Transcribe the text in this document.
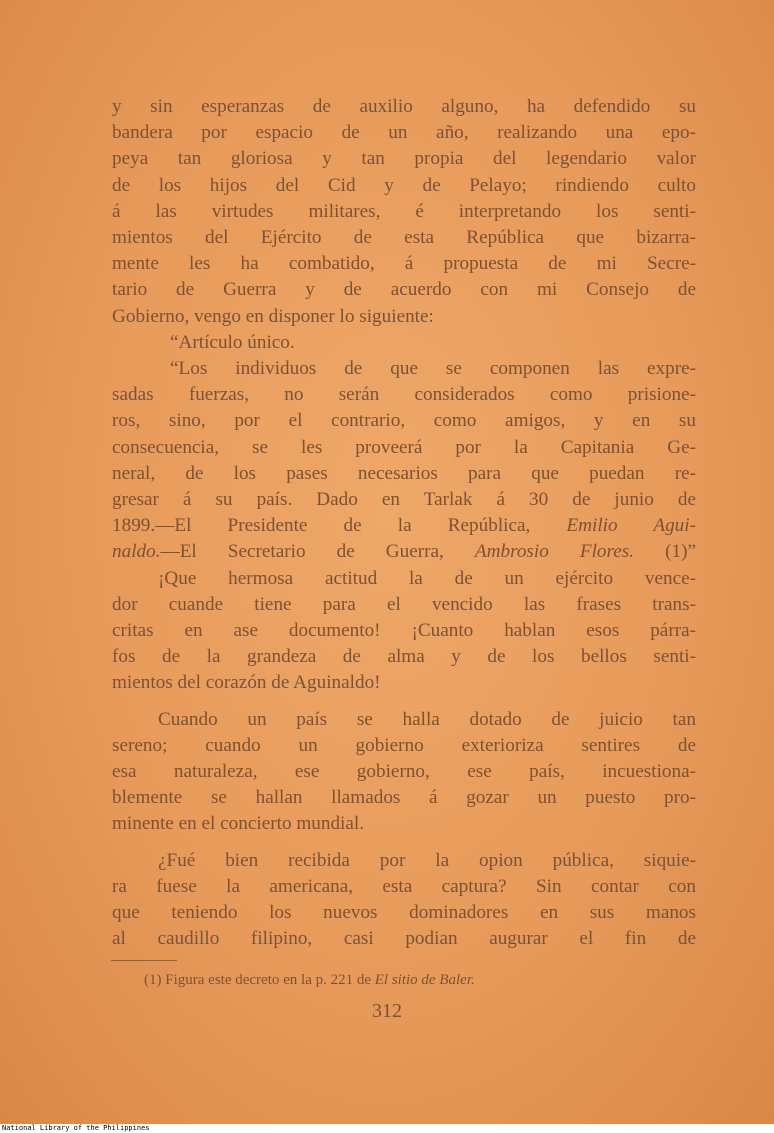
y sin esperanzas de auxilio alguno, ha defendido su
bandera por espacio de un año, realizando una epo-
peya tan gloriosa y tan propia del legendario valor
de los hijos del Cid y de Pelayo; rindiendo culto
á las virtudes militares, é interpretando los senti-
mientos del Ejército de esta República que bizarra-
mente les ha combatido, á propuesta de mi Secre-
tario de Guerra y de acuerdo con mi Consejo de
Gobierno, vengo en disponer lo siguiente:
“Artículo único.
“Los individuos de que se componen las expre-
sadas fuerzas, no serán considerados como prisione-
ros, sino, por el contrario, como amigos, y en su
consecuencia, se les proveerá por la Capitania Ge-
neral, de los pases necesarios para que puedan re-
gresar á su país. Dado en Tarlak á 30 de junio de
1899.—El Presidente de la República, Emilio Agui-
naldo.—El Secretario de Guerra, Ambrosio Flores. (1)”
¡Que hermosa actitud la de un ejército vence-
dor cuande tiene para el vencido las frases trans-
critas en ase documento! ¡Cuanto hablan esos párra-
fos de la grandeza de alma y de los bellos senti-
mientos del corazón de Aguinaldo!
Cuando un país se halla dotado de juicio tan
sereno; cuando un gobierno exterioriza sentires de
esa naturaleza, ese gobierno, ese país, incuestiona-
blemente se hallan llamados á gozar un puesto pro-
minente en el concierto mundial.
¿Fué bien recibida por la opion pública, siquie-
ra fuese la americana, esta captura? Sin contar con
que teniendo los nuevos dominadores en sus manos
al caudillo filipino, casi podian augurar el fin de
(1) Figura este decreto en la p. 221 de El sitio de Baler.
312
National Library of the Philippines
